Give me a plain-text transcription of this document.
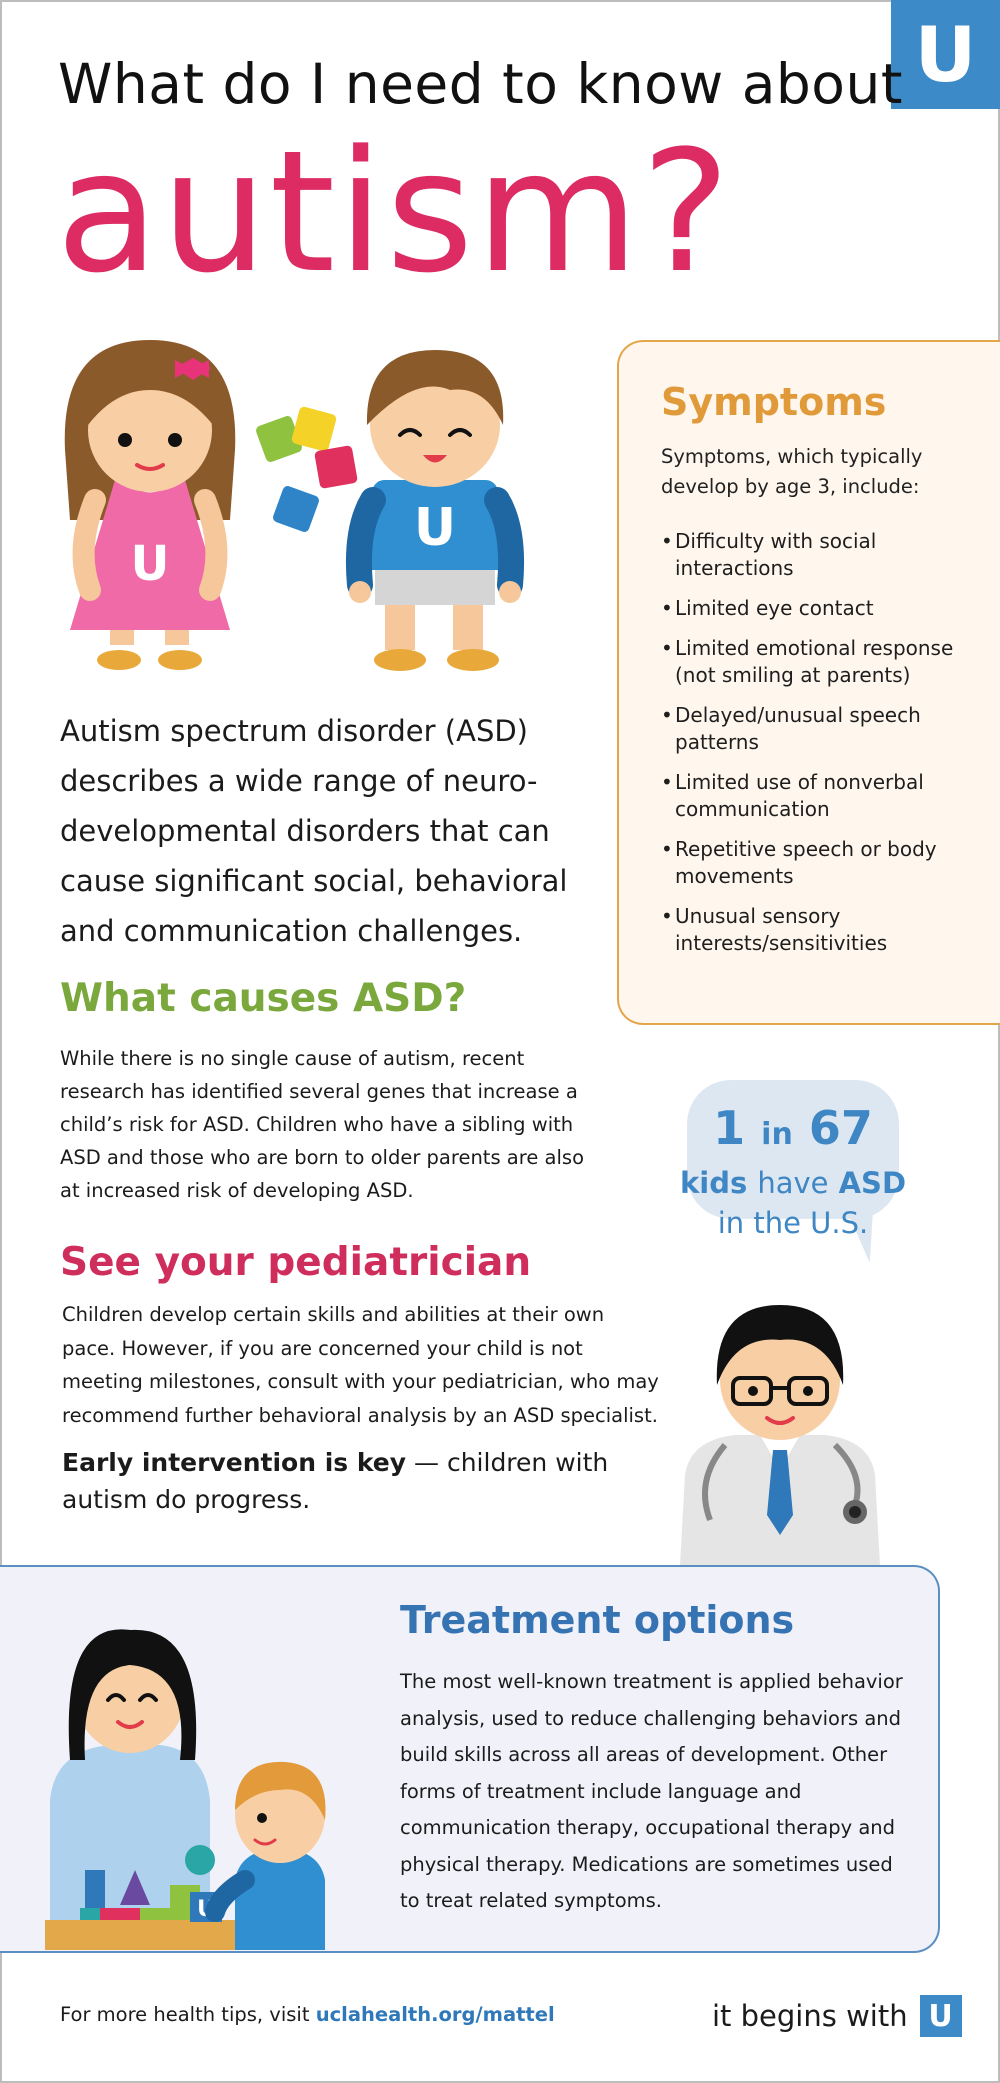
U
What do I need to know about
autism?
U
U

Autism spectrum disorder (ASD) describes a wide range of neuro-developmental disorders that can cause significant social, behavioral and communication challenges.

What causes ASD?

While there is no single cause of autism, recent research has identified several genes that increase a child’s risk for ASD. Children who have a sibling with ASD and those who are born to older parents are also at increased risk of developing ASD.

See your pediatrician

Children develop certain skills and abilities at their own pace. However, if you are concerned your child is not meeting milestones, consult with your pediatrician, who may recommend further behavioral analysis by an ASD specialist.

Early intervention is key — children with autism do progress.

Symptoms

Symptoms, which typically develop by age 3, include:

• Difficulty with social interactions
• Limited eye contact
• Limited emotional response (not smiling at parents)
• Delayed/unusual speech patterns
• Limited use of nonverbal communication
• Repetitive speech or body movements
• Unusual sensory interests/sensitivities
1 in 67
kids have ASD
in the U.S.
U
Treatment options

The most well-known treatment is applied behavior analysis, used to reduce challenging behaviors and build skills across all areas of development. Other forms of treatment include language and communication therapy, occupational therapy and physical therapy. Medications are sometimes used to treat related symptoms.

For more health tips, visit uclahealth.org/mattel	it begins with U
